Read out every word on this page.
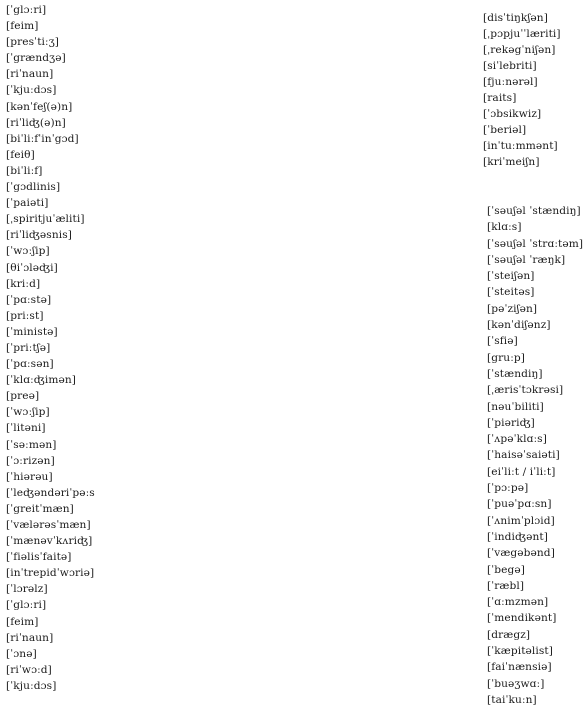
[ˈglɔːri]
[feim]
[presˈtiːʒ]
[ˈgrændʒə]
[riˈnaun]
[ˈkjuːdɔs]
[kənˈfeʃ(ə)n]
[riˈliʤ(ə)n]
[biˈliːfˈinˈgɔd]
[feiθ]
[biˈliːf]
[ˈgɔdlinis]
[ˈpaiəti]
[ˌspiritjuˈæliti]
[riˈliʤəsnis]
[ˈwɔːʃip]
[θiˈɔləʤi]
[kriːd]
[ˈpɑːstə]
[priːst]
[ˈministə]
[ˈpriːtʃə]
[ˈpɑːsən]
[ˈklɑːʤimən]
[preə]
[ˈwɔːʃip]
[ˈlitəni]
[ˈsəːmən]
[ˈɔːrizən]
[ˈhiərəu]
[ˈleʤəndəriˈpəːs
[ˈgreitˈmæn]
[ˈvælərəsˈmæn]
[ˈmænəvˈkʌriʤ]
[ˈfiəlisˈfaitə]
[inˈtrepidˈwɔriə]
[ˈlɔrəlz]
[ˈglɔːri]
[feim]
[riˈnaun]
[ˈɔnə]
[riˈwɔːd]
[ˈkjuːdɔs]
[disˈtiŋkʃən]
[ˌpɔpjuˈˈlæriti]
[ˌrekəgˈniʃən]
[siˈlebriti]
[fjuːnərəl]
[raits]
[ˈɔbsikwiz]
[ˈberiəl]
[inˈtuːmmənt]
[kriˈmeiʃn]
[ˈsəuʃəl ˈstændiŋ]
[klɑːs]
[ˈsəuʃəl ˈstrɑːtəm]
[ˈsəuʃəl ˈræŋk]
[ˈsteiʃən]
[ˈsteitəs]
[pəˈziʃən]
[kənˈdiʃənz]
[ˈsfiə]
[gruːp]
[ˈstændiŋ]
[ˌærisˈtɔkrəsi]
[nəuˈbiliti]
[ˈpiəriʤ]
[ˈʌpəˈklɑːs]
[ˈhaisəˈsaiəti]
[eiˈliːt / iˈliːt]
[ˈpɔːpə]
[ˈpuəˈpɑːsn]
[ˈʌnimˈplɔid]
[ˈindiʤənt]
[ˈvægəbənd]
[ˈbegə]
[ˈræbl]
[ˈɑːmzmən]
[ˈmendikənt]
[drægz]
[ˈkæpitəlist]
[faiˈnænsiə]
[ˈbuəʒwɑː]
[taiˈkuːn]
